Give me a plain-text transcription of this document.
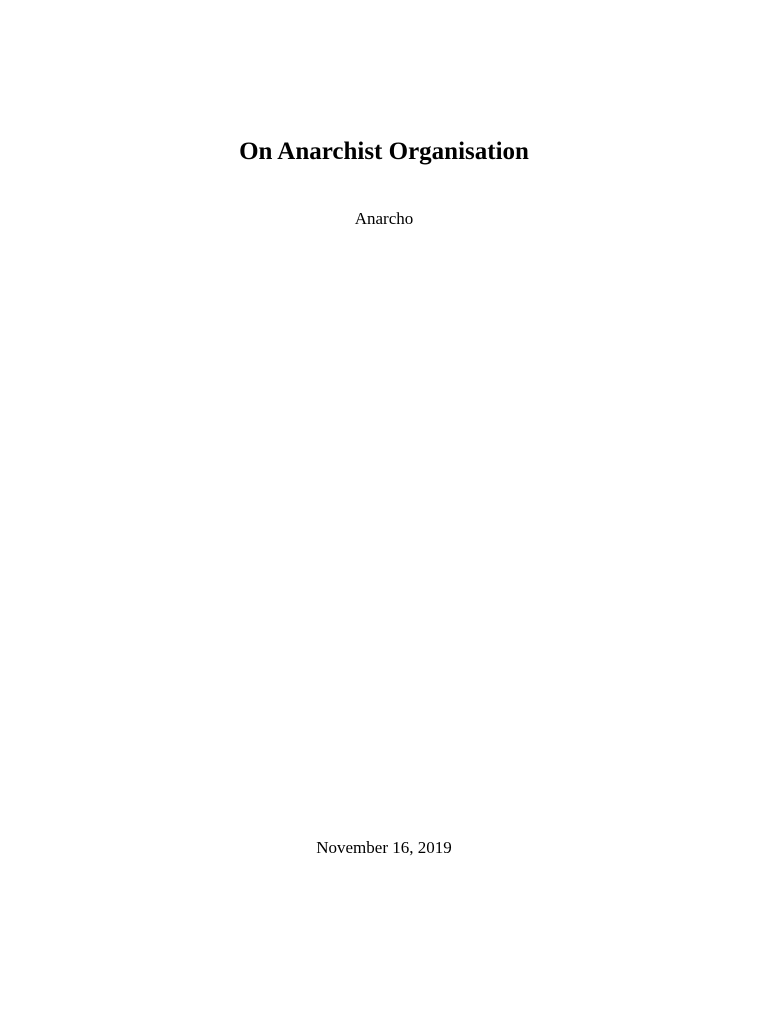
On Anarchist Organisation

Anarcho

November 16, 2019
